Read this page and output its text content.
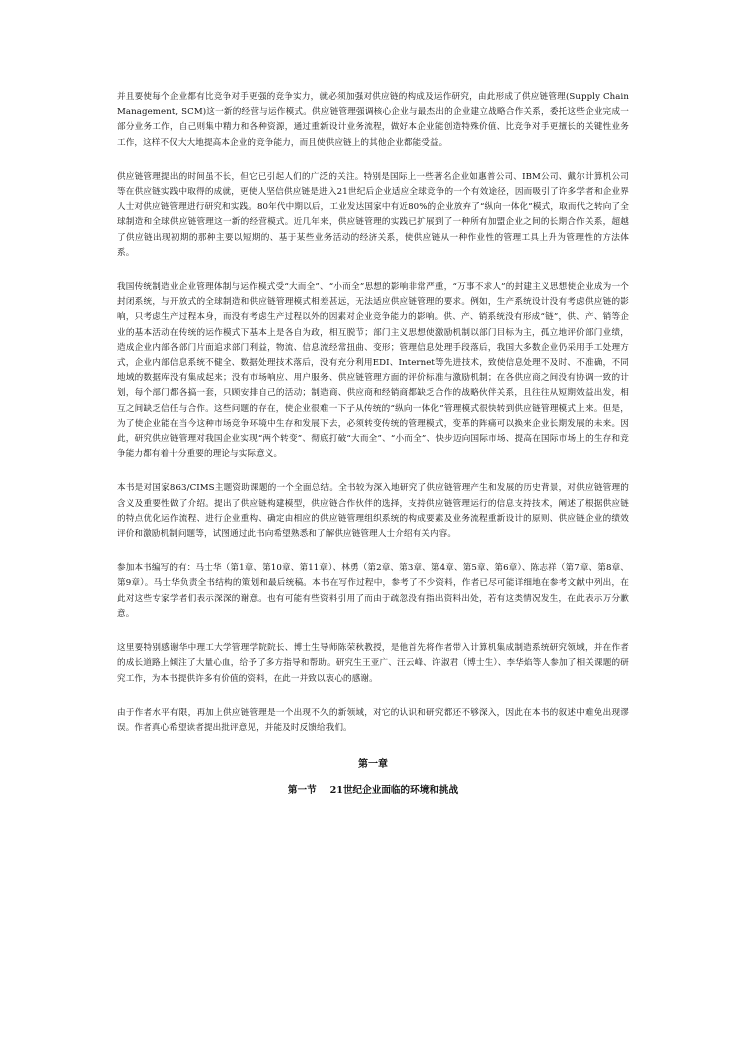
并且要使每个企业都有比竞争对手更强的竞争实力，就必须加强对供应链的构成及运作研究，由此形成了供应链管理(Supply Chain Management, SCM)这一新的经营与运作模式。供应链管理强调核心企业与最杰出的企业建立战略合作关系，委托这些企业完成一部分业务工作，自己则集中精力和各种资源，通过重新设计业务流程，做好本企业能创造特殊价值、比竞争对手更擅长的关键性业务工作，这样不仅大大地提高本企业的竞争能力，而且使供应链上的其他企业都能受益。

供应链管理提出的时间虽不长，但它已引起人们的广泛的关注。特别是国际上一些著名企业如惠普公司、IBM公司、戴尔计算机公司等在供应链实践中取得的成就，更使人坚信供应链是进入21世纪后企业适应全球竞争的一个有效途径，因而吸引了许多学者和企业界人士对供应链管理进行研究和实践。80年代中期以后，工业发达国家中有近80%的企业放弃了“纵向一体化”模式，取而代之转向了全球制造和全球供应链管理这一新的经营模式。近几年来，供应链管理的实践已扩展到了一种所有加盟企业之间的长期合作关系，超越了供应链出现初期的那种主要以短期的、基于某些业务活动的经济关系，使供应链从一种作业性的管理工具上升为管理性的方法体系。

我国传统制造业企业管理体制与运作模式受“大而全”、“小而全”思想的影响非常严重，“万事不求人”的封建主义思想使企业成为一个封闭系统，与开放式的全球制造和供应链管理模式相差甚远，无法适应供应链管理的要求。例如，生产系统设计没有考虑供应链的影响，只考虑生产过程本身，而没有考虑生产过程以外的因素对企业竞争能力的影响。供、产、销系统没有形成“链”，供、产、销等企业的基本活动在传统的运作模式下基本上是各自为政，相互脱节；部门主义思想使激励机制以部门目标为主，孤立地评价部门业绩，造成企业内部各部门片面追求部门利益，物流、信息流经常扭曲、变形；管理信息处理手段落后，我国大多数企业仍采用手工处理方式，企业内部信息系统不健全、数据处理技术落后，没有充分利用EDI、Internet等先进技术，致使信息处理不及时、不准确，不同地域的数据库没有集成起来；没有市场响应、用户服务、供应链管理方面的评价标准与激励机制；在各供应商之间没有协调一致的计划，每个部门都各搞一套，只顾安排自己的活动；制造商、供应商和经销商都缺乏合作的战略伙伴关系，且往往从短期效益出发，相互之间缺乏信任与合作。这些问题的存在，使企业很难一下子从传统的“纵向一体化”管理模式很快转到供应链管理模式上来。但是，为了使企业能在当今这种市场竞争环境中生存和发展下去，必须转变传统的管理模式，变革的阵痛可以换来企业长期发展的未来。因此，研究供应链管理对我国企业实现“两个转变”、彻底打破“大而全”、“小而全”、快步迈向国际市场、提高在国际市场上的生存和竞争能力都有着十分重要的理论与实际意义。

本书是对国家863/CIMS主题资助课题的一个全面总结。全书较为深入地研究了供应链管理产生和发展的历史背景，对供应链管理的含义及重要性做了介绍。提出了供应链构建模型，供应链合作伙伴的选择，支持供应链管理运行的信息支持技术，阐述了根据供应链的特点优化运作流程、进行企业重构、确定由相应的供应链管理组织系统的构成要素及业务流程重新设计的原则、供应链企业的绩效评价和激励机制问题等，试图通过此书向希望熟悉和了解供应链管理人士介绍有关内容。

参加本书编写的有：马士华（第1章、第10章、第11章）、林勇（第2章、第3章、第4章、第5章、第6章）、陈志祥（第7章、第8章、第9章）。马士华负责全书结构的策划和最后统稿。本书在写作过程中，参考了不少资料，作者已尽可能详细地在参考文献中列出，在此对这些专家学者们表示深深的谢意。也有可能有些资料引用了而由于疏忽没有指出资料出处，若有这类情况发生，在此表示万分歉意。

这里要特别感谢华中理工大学管理学院院长、博士生导师陈荣秋教授，是他首先将作者带入计算机集成制造系统研究领域，并在作者的成长道路上倾注了大量心血，给予了多方指导和帮助。研究生王亚广、汪云峰、许淑君（博士生）、李华焰等人参加了相关课题的研究工作，为本书提供许多有价值的资料，在此一并致以衷心的感谢。

由于作者水平有限，再加上供应链管理是一个出现不久的新领域，对它的认识和研究都还不够深入，因此在本书的叙述中难免出现谬误。作者真心希望读者提出批评意见，并能及时反馈给我们。

第一章
第一节　 21世纪企业面临的环境和挑战
